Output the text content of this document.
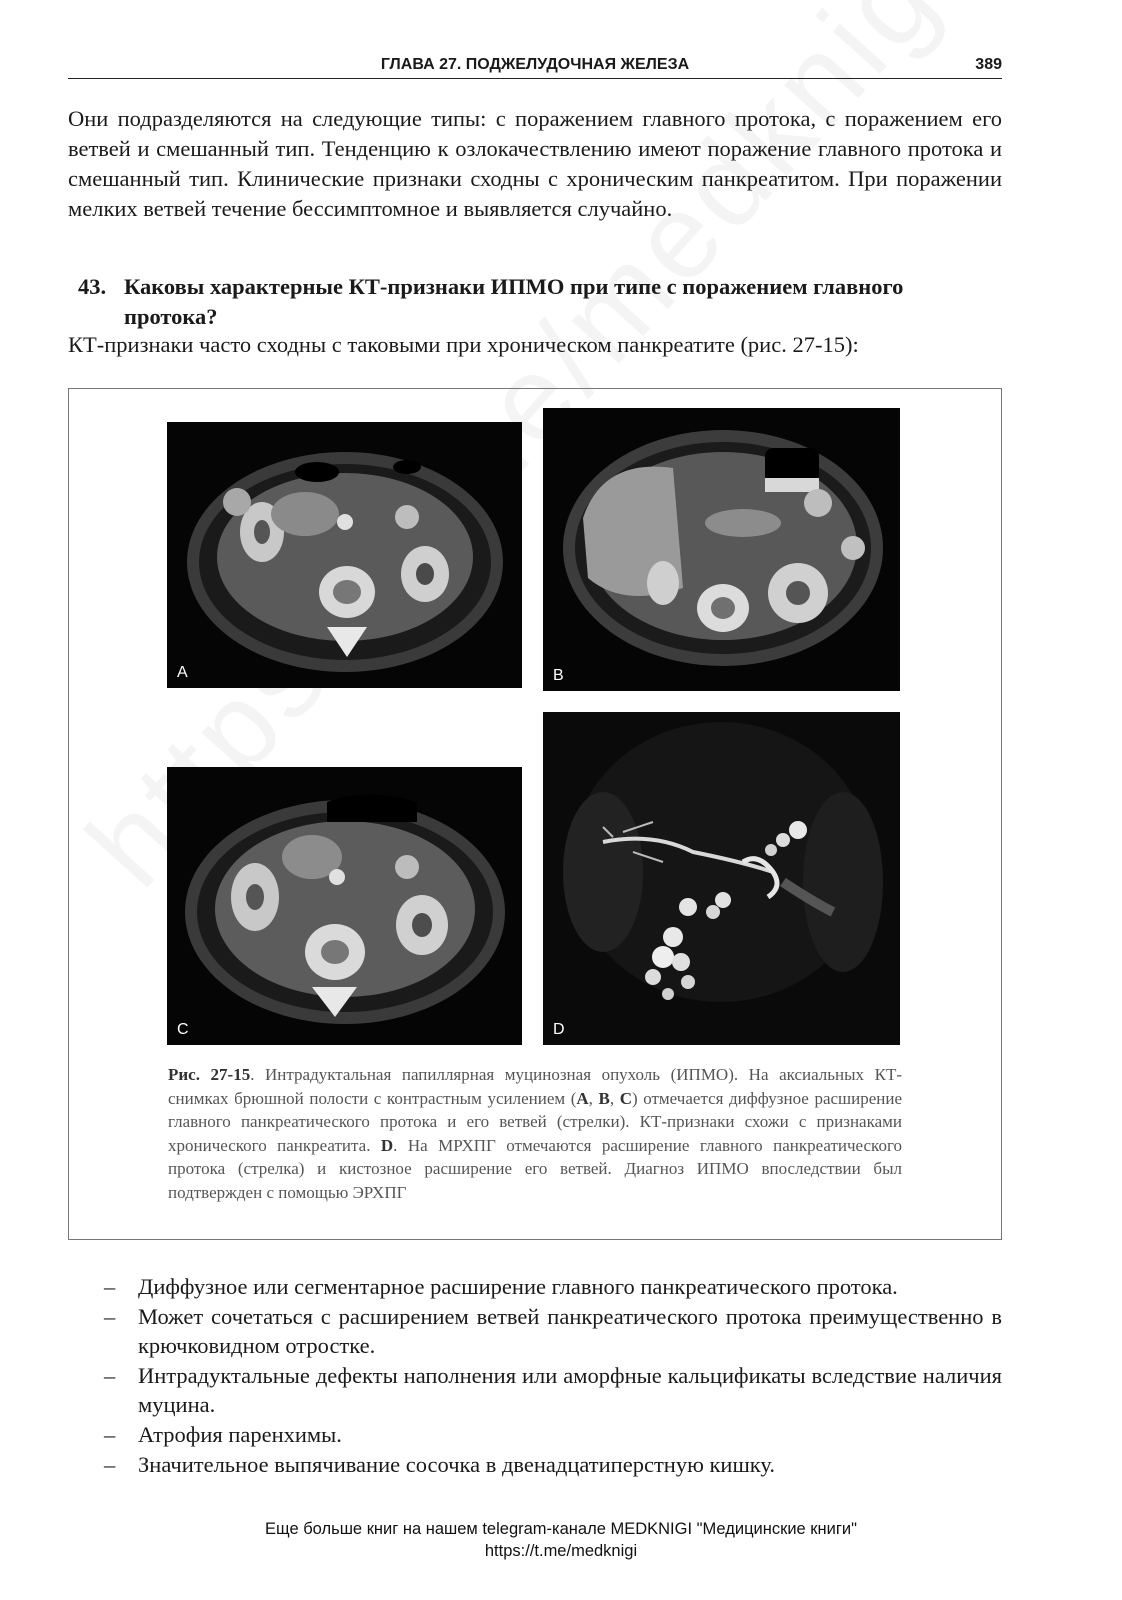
ГЛАВА 27. ПОДЖЕЛУДОЧНАЯ ЖЕЛЕЗА	389
Они подразделяются на следующие типы: с поражением главного протока, с поражением его ветвей и смешанный тип. Тенденцию к озлокачествлению имеют поражение главного протока и смешанный тип. Клинические признаки сходны с хроническим панкреатитом. При поражении мелких ветвей течение бессимптомное и выявляется случайно.
43. Каковы характерные КТ-признаки ИПМО при типе с поражением главного протока?
КТ-признаки часто сходны с таковыми при хроническом панкреатите (рис. 27-15):
A	B
C	D
Рис. 27-15. Интрадуктальная папиллярная муцинозная опухоль (ИПМО). На аксиальных КТ-снимках брюшной полости с контрастным усилением (А, В, С) отмечается диффузное расширение главного панкреатического протока и его ветвей (стрелки). КТ-признаки схожи с признаками хронического панкреатита. D. На МРХПГ отмечаются расширение главного панкреатического протока (стрелка) и кистозное расширение его ветвей. Диагноз ИПМО впоследствии был подтвержден с помощью ЭРХПГ
– Диффузное или сегментарное расширение главного панкреатического протока.
– Может сочетаться с расширением ветвей панкреатического протока преимущественно в крючковидном отростке.
– Интрадуктальные дефекты наполнения или аморфные кальцификаты вследствие наличия муцина.
– Атрофия паренхимы.
– Значительное выпячивание сосочка в двенадцатиперстную кишку.
Еще больше книг на нашем telegram-канале MEDKNIGI "Медицинские книги"
https://t.me/medknigi
